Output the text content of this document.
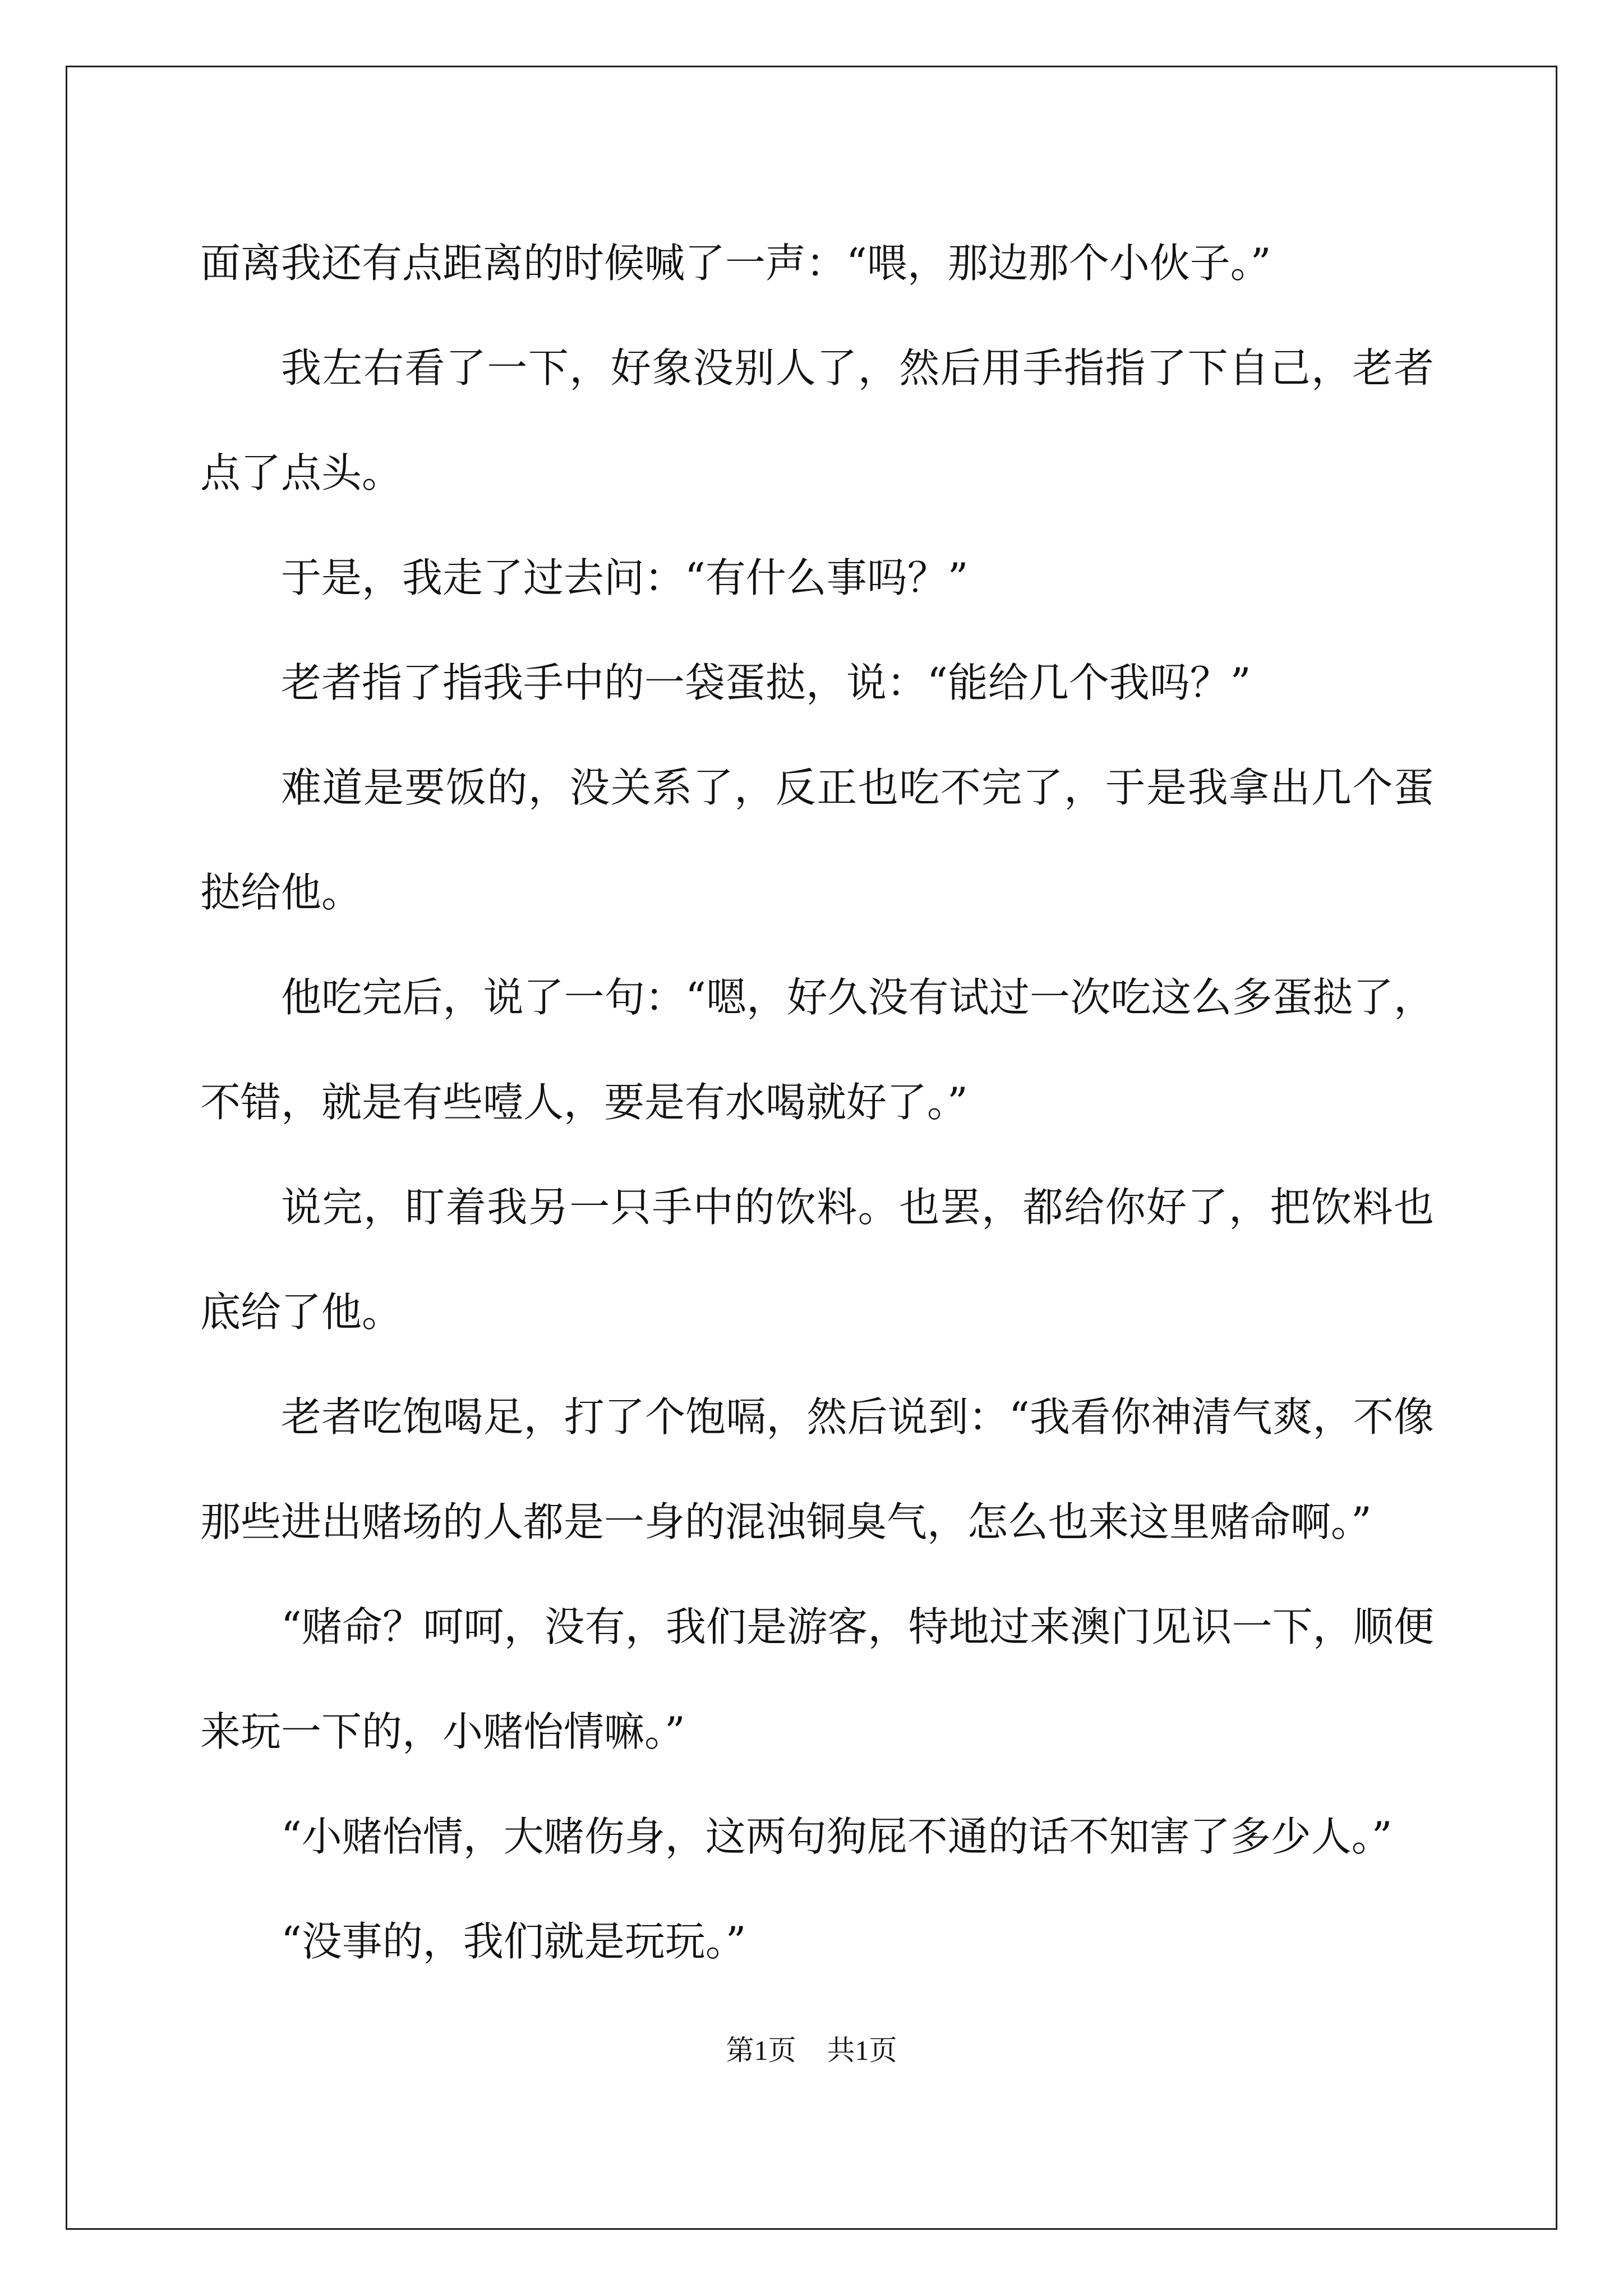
面离我还有点距离的时候喊了一声：“喂，那边那个小伙子。”

我左右看了一下，好象没别人了，然后用手指指了下自己，老者点了点头。

于是，我走了过去问：“有什么事吗？”

老者指了指我手中的一袋蛋挞，说：“能给几个我吗？”

难道是要饭的，没关系了，反正也吃不完了，于是我拿出几个蛋挞给他。

他吃完后，说了一句：“嗯，好久没有试过一次吃这么多蛋挞了，不错，就是有些噎人，要是有水喝就好了。”

说完，盯着我另一只手中的饮料。也罢，都给你好了，把饮料也底给了他。

老者吃饱喝足，打了个饱嗝，然后说到：“我看你神清气爽，不像那些进出赌场的人都是一身的混浊铜臭气，怎么也来这里赌命啊。”

“赌命？呵呵，没有，我们是游客，特地过来澳门见识一下，顺便来玩一下的，小赌怡情嘛。”

“小赌怡情，大赌伤身，这两句狗屁不通的话不知害了多少人。”

“没事的，我们就是玩玩。”

第1页 共1页
